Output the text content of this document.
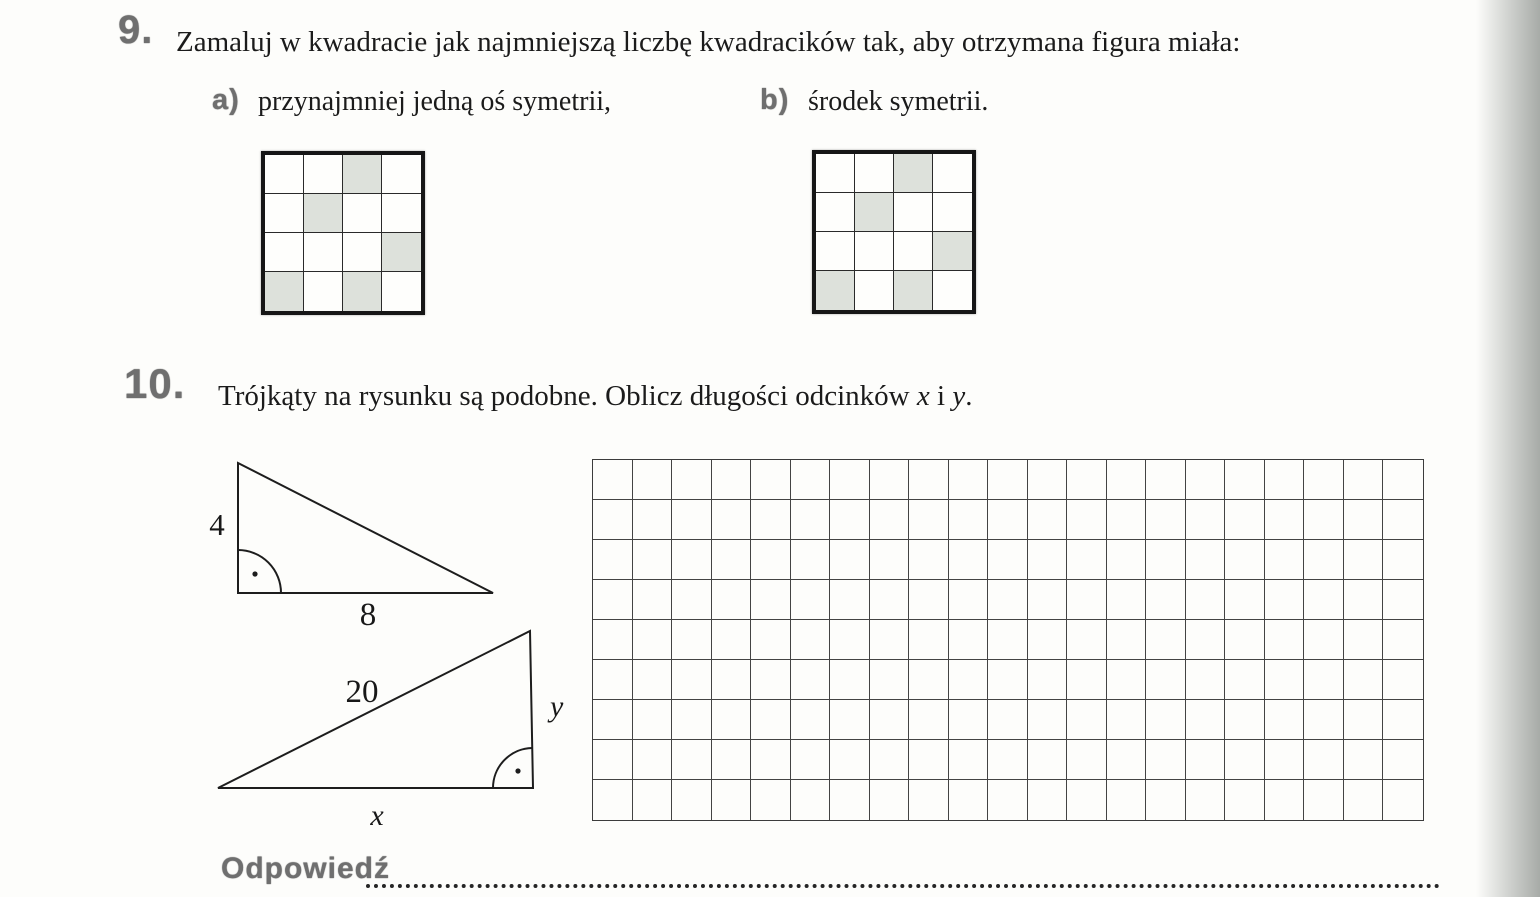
9. Zamaluj w kwadracie jak najmniejszą liczbę kwadracików tak, aby otrzymana figura miała:
a) przynajmniej jedną oś symetrii,	b) środek symetrii.
10. Trójkąty na rysunku są podobne. Oblicz długości odcinków x i y.
4
8
20	y
x
Odpowiedź
